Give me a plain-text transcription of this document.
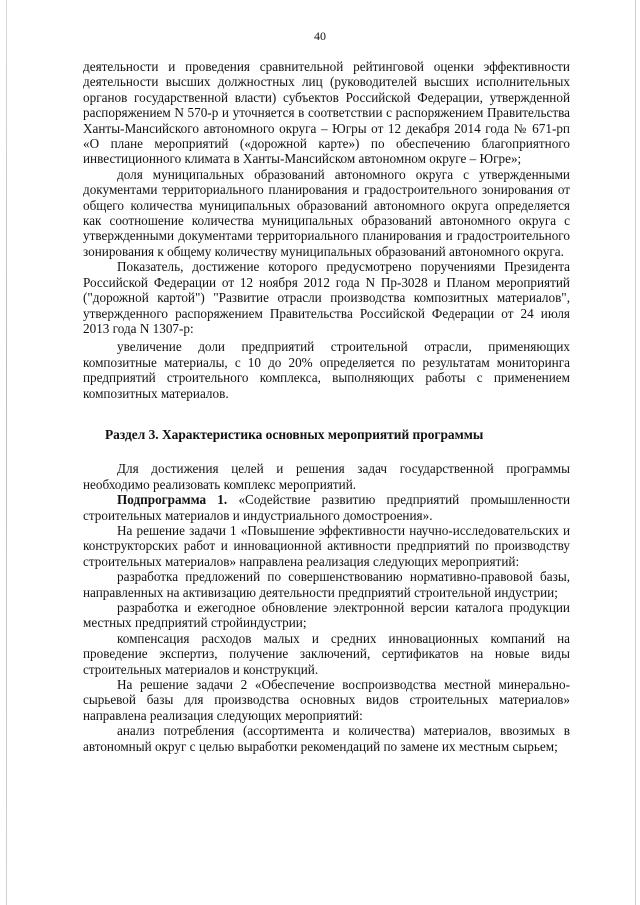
40

деятельности и проведения сравнительной рейтинговой оценки эффективности деятельности высших должностных лиц (руководителей высших исполнительных органов государственной власти) субъектов Российской Федерации, утвержденной распоряжением N 570-р и уточняется в соответствии с распоряжением Правительства Ханты-Мансийского автономного округа – Югры от 12 декабря 2014 года № 671-рп «О плане мероприятий («дорожной карте») по обеспечению благоприятного инвестиционного климата в Ханты-Мансийском автономном округе – Югре»;

доля муниципальных образований автономного округа с утвержденными документами территориального планирования и градостроительного зонирования от общего количества муниципальных образований автономного округа определяется как соотношение количества муниципальных образований автономного округа с утвержденными документами территориального планирования и градостроительного зонирования к общему количеству муниципальных образований автономного округа.

Показатель, достижение которого предусмотрено поручениями Президента Российской Федерации от 12 ноября 2012 года N Пр-3028 и Планом мероприятий ("дорожной картой") "Развитие отрасли производства композитных материалов", утвержденного распоряжением Правительства Российской Федерации от 24 июля 2013 года N 1307-р:

увеличение доли предприятий строительной отрасли, применяющих композитные материалы, с 10 до 20% определяется по результатам мониторинга предприятий строительного комплекса, выполняющих работы с применением композитных материалов.

Раздел 3. Характеристика основных мероприятий программы

Для достижения целей и решения задач государственной программы необходимо реализовать комплекс мероприятий.

Подпрограмма 1. «Содействие развитию предприятий промышленности строительных материалов и индустриального домостроения».

На решение задачи 1 «Повышение эффективности научно-исследовательских и конструкторских работ и инновационной активности предприятий по производству строительных материалов» направлена реализация следующих мероприятий:

разработка предложений по совершенствованию нормативно-правовой базы, направленных на активизацию деятельности предприятий строительной индустрии;

разработка и ежегодное обновление электронной версии каталога продукции местных предприятий стройиндустрии;

компенсация расходов малых и средних инновационных компаний на проведение экспертиз, получение заключений, сертификатов на новые виды строительных материалов и конструкций.

На решение задачи 2 «Обеспечение воспроизводства местной минерально-сырьевой базы для производства основных видов строительных материалов» направлена реализация следующих мероприятий:

анализ потребления (ассортимента и количества) материалов, ввозимых в автономный округ с целью выработки рекомендаций по замене их местным сырьем;
